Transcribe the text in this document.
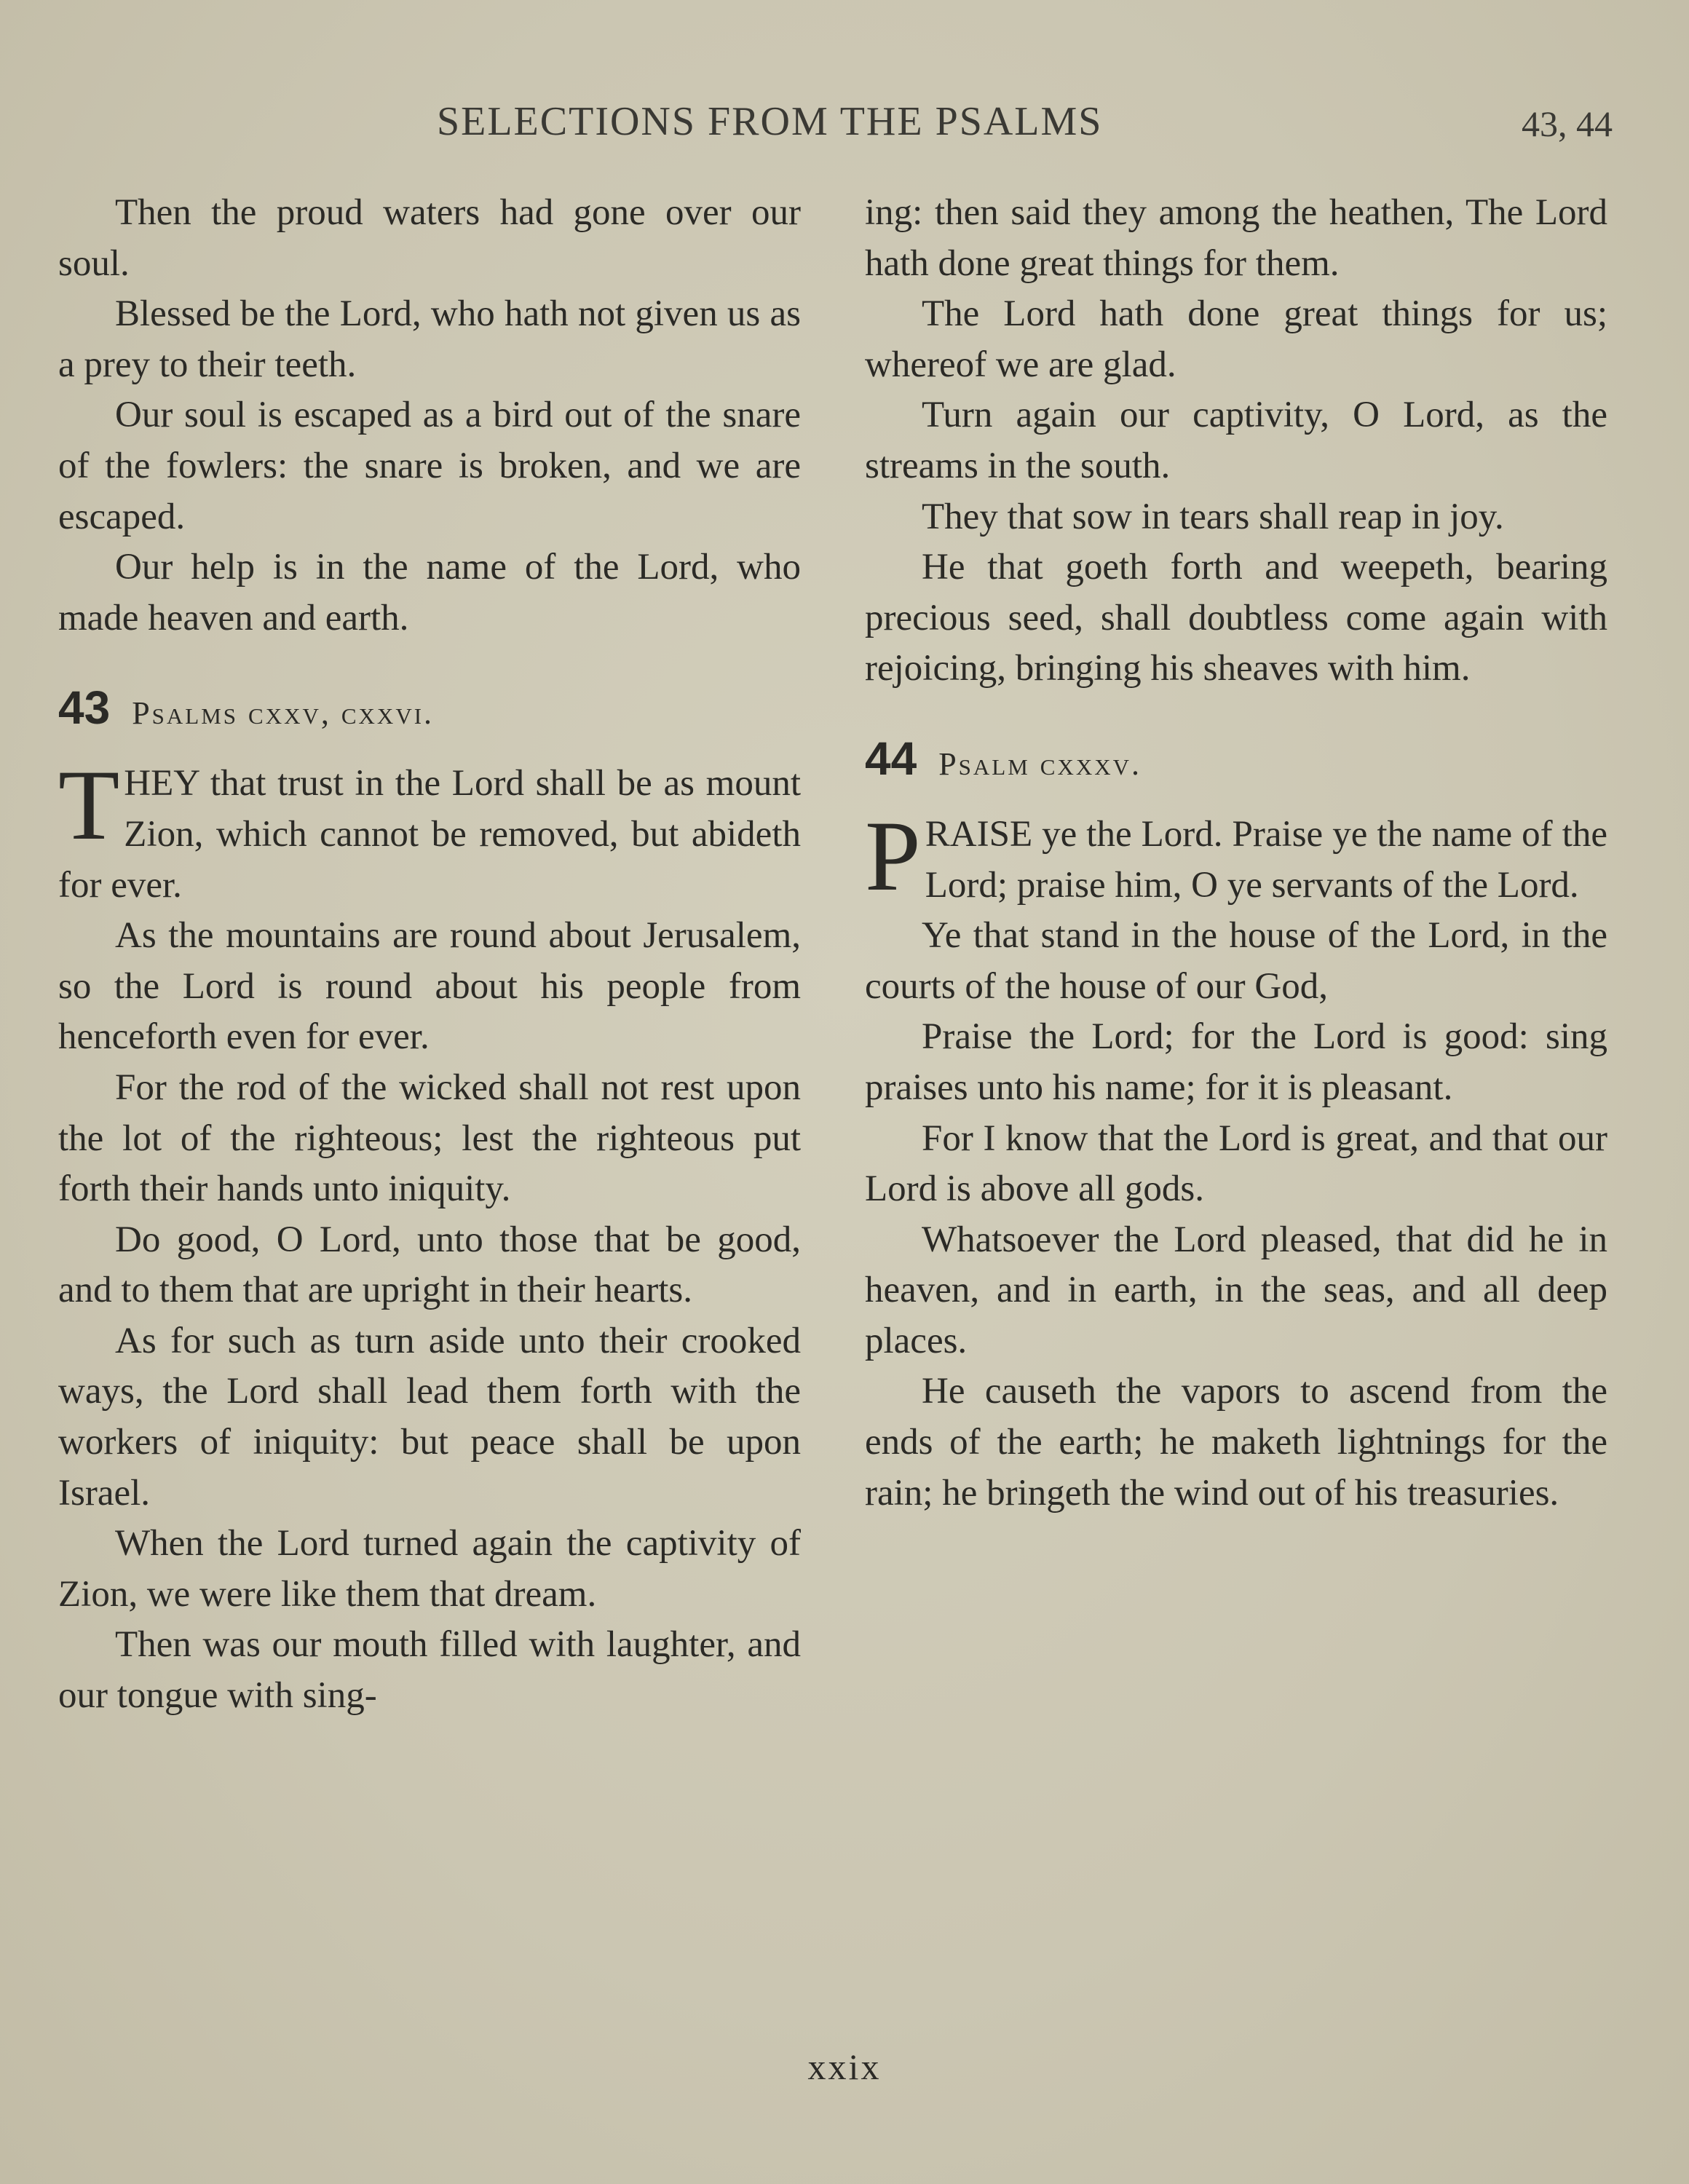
SELECTIONS FROM THE PSALMS	43, 44

Then the proud waters had gone over our soul.

Blessed be the Lord, who hath not given us as a prey to their teeth.

Our soul is escaped as a bird out of the snare of the fowlers: the snare is broken, and we are escaped.

Our help is in the name of the Lord, who made heaven and earth.

43 Psalms cxxv, cxxvi.

THEY that trust in the Lord shall be as mount Zion, which cannot be removed, but abideth for ever.

As the mountains are round about Jerusalem, so the Lord is round about his people from henceforth even for ever.

For the rod of the wicked shall not rest upon the lot of the righteous; lest the righteous put forth their hands unto iniquity.

Do good, O Lord, unto those that be good, and to them that are upright in their hearts.

As for such as turn aside unto their crooked ways, the Lord shall lead them forth with the workers of iniquity: but peace shall be upon Israel.

When the Lord turned again the captivity of Zion, we were like them that dream.

Then was our mouth filled with laughter, and our tongue with sing-

ing: then said they among the heathen, The Lord hath done great things for them.

The Lord hath done great things for us; whereof we are glad.

Turn again our captivity, O Lord, as the streams in the south.

They that sow in tears shall reap in joy.

He that goeth forth and weepeth, bearing precious seed, shall doubtless come again with rejoicing, bringing his sheaves with him.

44 Psalm cxxxv.

PRAISE ye the Lord. Praise ye the name of the Lord; praise him, O ye servants of the Lord.

Ye that stand in the house of the Lord, in the courts of the house of our God,

Praise the Lord; for the Lord is good: sing praises unto his name; for it is pleasant.

For I know that the Lord is great, and that our Lord is above all gods.

Whatsoever the Lord pleased, that did he in heaven, and in earth, in the seas, and all deep places.

He causeth the vapors to ascend from the ends of the earth; he maketh lightnings for the rain; he bringeth the wind out of his treasuries.

xxix
